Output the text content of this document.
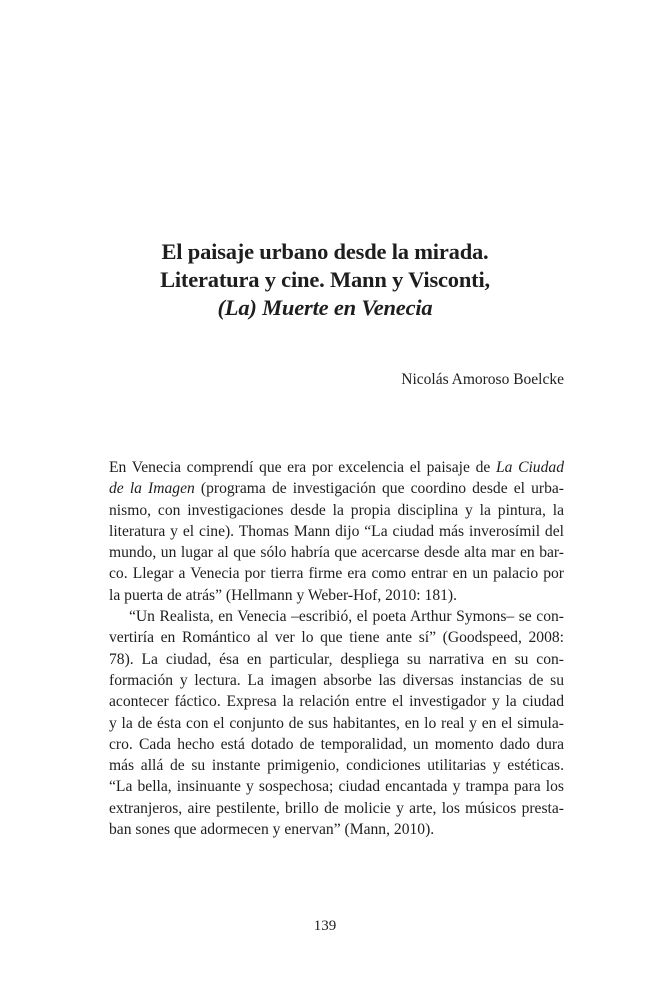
El paisaje urbano desde la mirada.
Literatura y cine. Mann y Visconti,
(La) Muerte en Venecia
Nicolás Amoroso Boelcke
En Venecia comprendí que era por excelencia el paisaje de La Ciudad
de la Imagen (programa de investigación que coordino desde el urba-
nismo, con investigaciones desde la propia disciplina y la pintura, la
literatura y el cine). Thomas Mann dijo “La ciudad más inverosímil del
mundo, un lugar al que sólo habría que acercarse desde alta mar en bar-
co. Llegar a Venecia por tierra firme era como entrar en un palacio por
la puerta de atrás” (Hellmann y Weber-Hof, 2010: 181).
“Un Realista, en Venecia –escribió, el poeta Arthur Symons– se con-
vertiría en Romántico al ver lo que tiene ante sí” (Goodspeed, 2008:
78). La ciudad, ésa en particular, despliega su narrativa en su con-
formación y lectura. La imagen absorbe las diversas instancias de su
acontecer fáctico. Expresa la relación entre el investigador y la ciudad
y la de ésta con el conjunto de sus habitantes, en lo real y en el simula-
cro. Cada hecho está dotado de temporalidad, un momento dado dura
más allá de su instante primigenio, condiciones utilitarias y estéticas.
“La bella, insinuante y sospechosa; ciudad encantada y trampa para los
extranjeros, aire pestilente, brillo de molicie y arte, los músicos presta-
ban sones que adormecen y enervan” (Mann, 2010).
139
